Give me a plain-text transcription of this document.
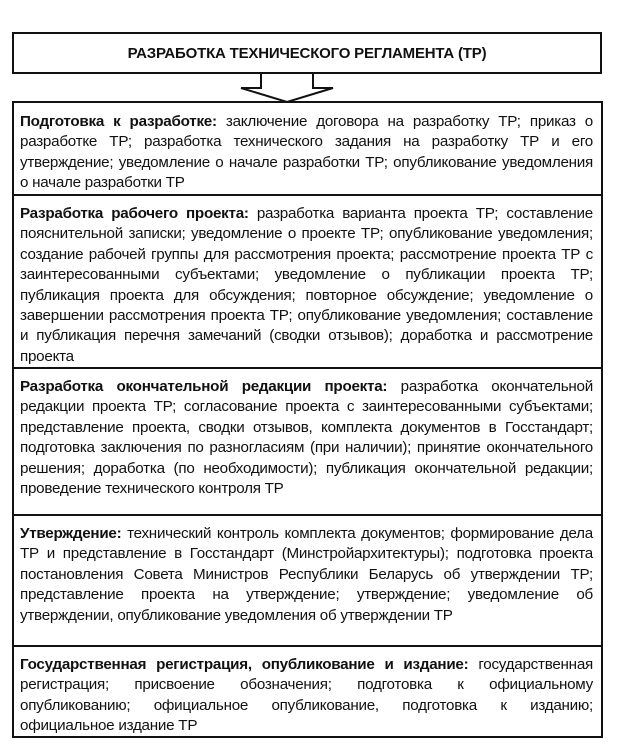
РАЗРАБОТКА ТЕХНИЧЕСКОГО РЕГЛАМЕНТА (ТР)
Подготовка к разработке: заключение договора на разработку ТР; приказ о разработке ТР; разработка технического задания на разработку ТР и его утверждение; уведомление о начале разработки ТР; опубликование уведомления о начале разработки ТР
Разработка рабочего проекта: разработка варианта проекта ТР; составление пояснительной записки; уведомление о проекте ТР; опубликование уведомления; создание рабочей группы для рассмотрения проекта; рассмотрение проекта ТР с заинтересованными субъектами; уведомление о публикации проекта ТР; публикация проекта для обсуждения; повторное обсуждение; уведомление о завершении рассмотрения проекта ТР; опубликование уведомления; составление и публикация перечня замечаний (сводки отзывов); доработка и рассмотрение проекта
Разработка окончательной редакции проекта: разработка окончательной редакции проекта ТР; согласование проекта с заинтересованными субъектами; представление проекта, сводки отзывов, комплекта документов в Госстандарт; подготовка заключения по разногласиям (при наличии); принятие окончательного решения; доработка (по необходимости); публикация окончательной редакции; проведение технического контроля ТР
Утверждение: технический контроль комплекта документов; формирование дела ТР и представление в Госстандарт (Минстройархитектуры); подготовка проекта постановления Совета Министров Республики Беларусь об утверждении ТР; представление проекта на утверждение; утверждение; уведомление об утверждении, опубликование уведомления об утверждении ТР
Государственная регистрация, опубликование и издание: государственная регистрация; присвоение обозначения; подготовка к официальному опубликованию; официальное опубликование, подготовка к изданию; официальное издание ТР
